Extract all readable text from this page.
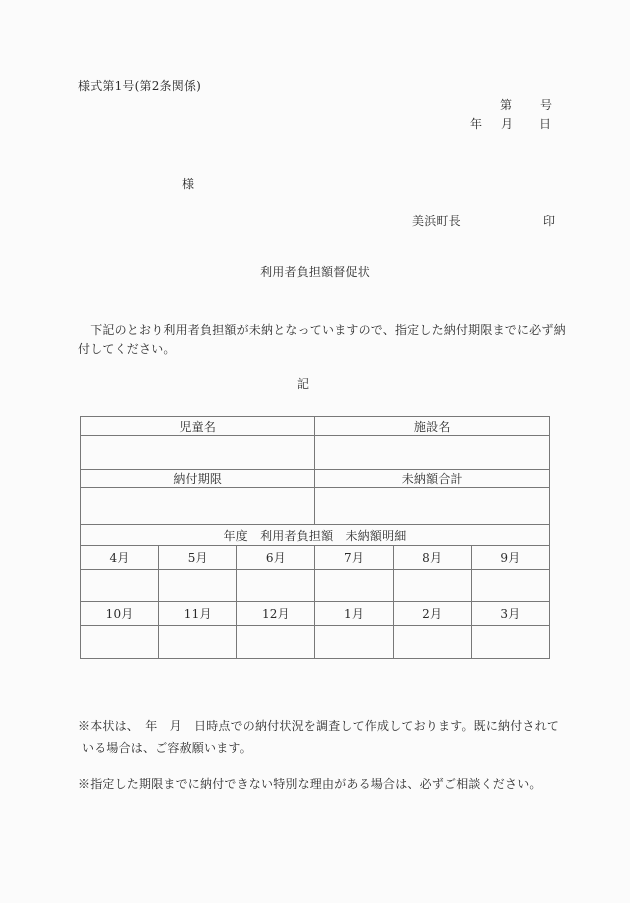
様式第1号(第2条関係)
第 号
年 月 日
様
美浜町長	印
利用者負担額督促状
　下記のとおり利用者負担額が未納となっていますので、指定した納付期限までに必ず納
付してください。
記
児童名			施設名		

納付期限			未納額合計		

年度　利用者負担額　未納額明細					
4月	5月	6月	7月	8月	9月

10月	11月	12月	1月	2月	3月

※本状は、　年　月　日時点での納付状況を調査して作成しております。既に納付されて
いる場合は、ご容赦願います。
※指定した期限までに納付できない特別な理由がある場合は、必ずご相談ください。
